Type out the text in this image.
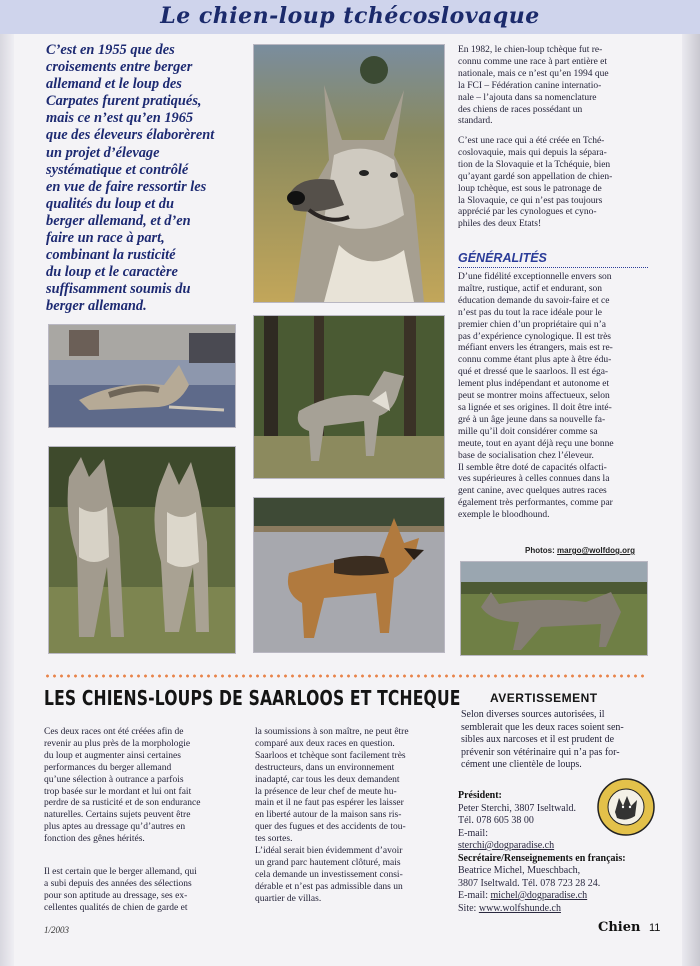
Le chien-loup tchécoslovaque
C’est en 1955 que des
croisements entre berger
allemand et le loup des
Carpates furent pratiqués,
mais ce n’est qu’en 1965
que des éleveurs élaborèrent
un projet d’élevage
systématique et contrôlé
en vue de faire ressortir les
qualités du loup et du
berger allemand, et d’en
faire un race à part,
combinant la rusticité
du loup et le caractère
suffisamment soumis du
berger allemand.
En 1982, le chien-loup tchèque fut re-
connu comme une race à part entière et
nationale, mais ce n’est qu’en 1994 que
la FCI – Fédération canine internatio-
nale – l’ajouta dans sa nomenclature
des chiens de races possédant un
standard.
C’est une race qui a été créée en Tché-
coslovaquie, mais qui depuis la sépara-
tion de la Slovaquie et la Tchéquie, bien
qu’ayant gardé son appellation de chien-
loup tchèque, est sous le patronage de
la Slovaquie, ce qui n’est pas toujours
apprécié par les cynologues et cyno-
philes des deux Etats!
GÉNÉRALITÉS
D’une fidélité exceptionnelle envers son
maître, rustique, actif et endurant, son
éducation demande du savoir-faire et ce
n’est pas du tout la race idéale pour le
premier chien d’un propriétaire qui n’a
pas d’expérience cynologique. Il est très
méfiant envers les étrangers, mais est re-
connu comme étant plus apte à être édu-
qué et dressé que le saarloos. Il est éga-
lement plus indépendant et autonome et
peut se montrer moins affectueux, selon
sa lignée et ses origines. Il doit être inté-
gré à un âge jeune dans sa nouvelle fa-
mille qu’il doit considérer comme sa
meute, tout en ayant déjà reçu une bonne
base de socialisation chez l’éleveur.
Il semble être doté de capacités olfacti-
ves supérieures à celles connues dans la
gent canine, avec quelques autres races
également très performantes, comme par
exemple le bloodhound.
Photos: margo@wolfdog.org
LES CHIENS-LOUPS DE SAARLOOS ET TCHEQUE AVERTISSEMENT
Ces deux races ont été créées afin de
revenir au plus près de la morphologie
du loup et augmenter ainsi certaines
performances du berger allemand
qu’une sélection à outrance a parfois
trop basée sur le mordant et lui ont fait
perdre de sa rusticité et de son endurance
naturelles. Certains sujets peuvent être
plus aptes au dressage qu’d’autres en
fonction des gênes hérités.
Il est certain que le berger allemand, qui
a subi depuis des années des sélections
pour son aptitude au dressage, ses ex-
cellentes qualités de chien de garde et
la soumissions à son maître, ne peut être
comparé aux deux races en question.
Saarloos et tchèque sont facilement très
destructeurs, dans un environnement
inadapté, car tous les deux demandent
la présence de leur chef de meute hu-
main et il ne faut pas espérer les laisser
en liberté autour de la maison sans ris-
quer des fugues et des accidents de tou-
tes sortes.
L’idéal serait bien évidemment d’avoir
un grand parc hautement clôturé, mais
cela demande un investissement consi-
dérable et n’est pas admissible dans un
quartier de villas.
Selon diverses sources autorisées, il
semblerait que les deux races soient sen-
sibles aux narcoses et il est prudent de
prévenir son vétérinaire qui n’a pas for-
cément une clientèle de loups.
Président:
Peter Sterchi, 3807 Iseltwald.
Tél. 078 605 38 00
E-mail:
sterchi@dogparadise.ch
Secrétaire/Renseignements en français:
Beatrice Michel, Mueschbach,
3807 Iseltwald. Tél. 078 723 28 24.
E-mail: michel@dogparadise.ch
Site: www.wolfshunde.ch
1/2003	Chien 11
